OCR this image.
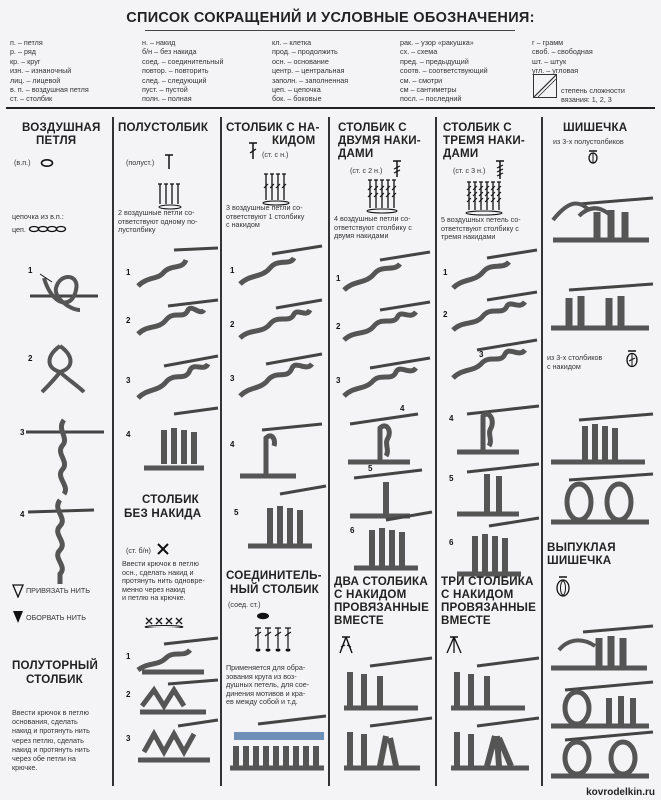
СПИСОК СОКРАЩЕНИЙ И УСЛОВНЫЕ ОБОЗНАЧЕНИЯ:
п. – петля
р. – ряд
кр. – круг
изн. – изнаночный
лиц. – лицевой
в. п. – воздушная петля
ст. – столбик
н. – накид
б/н – без накида
соед. – соединительный
повтор. – повторить
след. – следующий
пуст. – пустой
полн. – полная
кл. – клетка
прод. – продолжить
осн. – основание
центр. – центральная
заполн. – заполненная
цеп. – цепочка
бок. – боковые
рак. – узор «ракушка»
сх. – схема
пред. – предыдущий
соотв. – соответствующий
см. – смотри
см – сантиметры
посл. – последний
г – грамм
своб. – свободная
шт. – штук
угл. – угловая
степень сложности
вязания: 1, 2, 3
ВОЗДУШНАЯ
ПЕТЛЯ
(в.п.)
цепочка из в.п.:
цеп.
1
2
3
4
ПРИВЯЗАТЬ НИТЬ
ОБОРВАТЬ НИТЬ
ПОЛУТОРНЫЙ
СТОЛБИК
Ввести крючок в петлю
основания, сделать
накид и протянуть нить
через петлю, сделать
накид и протянуть нить
через обе петли на
крючке.
ПОЛУСТОЛБИК
(полуст.)
2 воздушные петли со-
ответствуют одному по-
лустолбику
1
2
3
4
СТОЛБИК
БЕЗ НАКИДА
(ст. б/н)
Ввести крючок в петлю
осн., сделать накид и
протянуть нить одновре-
менно через накид
и петлю на крючке.
1
2
3
СТОЛБИК С НА-
КИДОМ
(ст. с н.)
3 воздушные петли со-
ответствуют 1 столбику
с накидом
1
2
3
4
5
СОЕДИНИТЕЛЬ-
НЫЙ СТОЛБИК
(соед. ст.)
Применяется для обра-
зования круга из воз-
душных петель, для сое-
динения мотивов и кра-
ев между собой и т.д.
СТОЛБИК С
ДВУМЯ НАКИ-
ДАМИ
(ст. с 2 н.)
4 воздушные петли со-
ответствуют столбику с
двумя накидами
1
2
3
4
5
6
ДВА СТОЛБИКА
С НАКИДОМ
ПРОВЯЗАННЫЕ
ВМЕСТЕ
СТОЛБИК С
ТРЕМЯ НАКИ-
ДАМИ
(ст. с 3 н.)
5 воздушных петель со-
ответствуют столбику с
тремя накидами
1
2
3
4
5
6
ТРИ СТОЛБИКА
С НАКИДОМ
ПРОВЯЗАННЫЕ
ВМЕСТЕ
ШИШЕЧКА
из 3-х полустолбиков
из 3-х столбиков
с накидом
ВЫПУКЛАЯ
ШИШЕЧКА
kovrodelkin.ru
